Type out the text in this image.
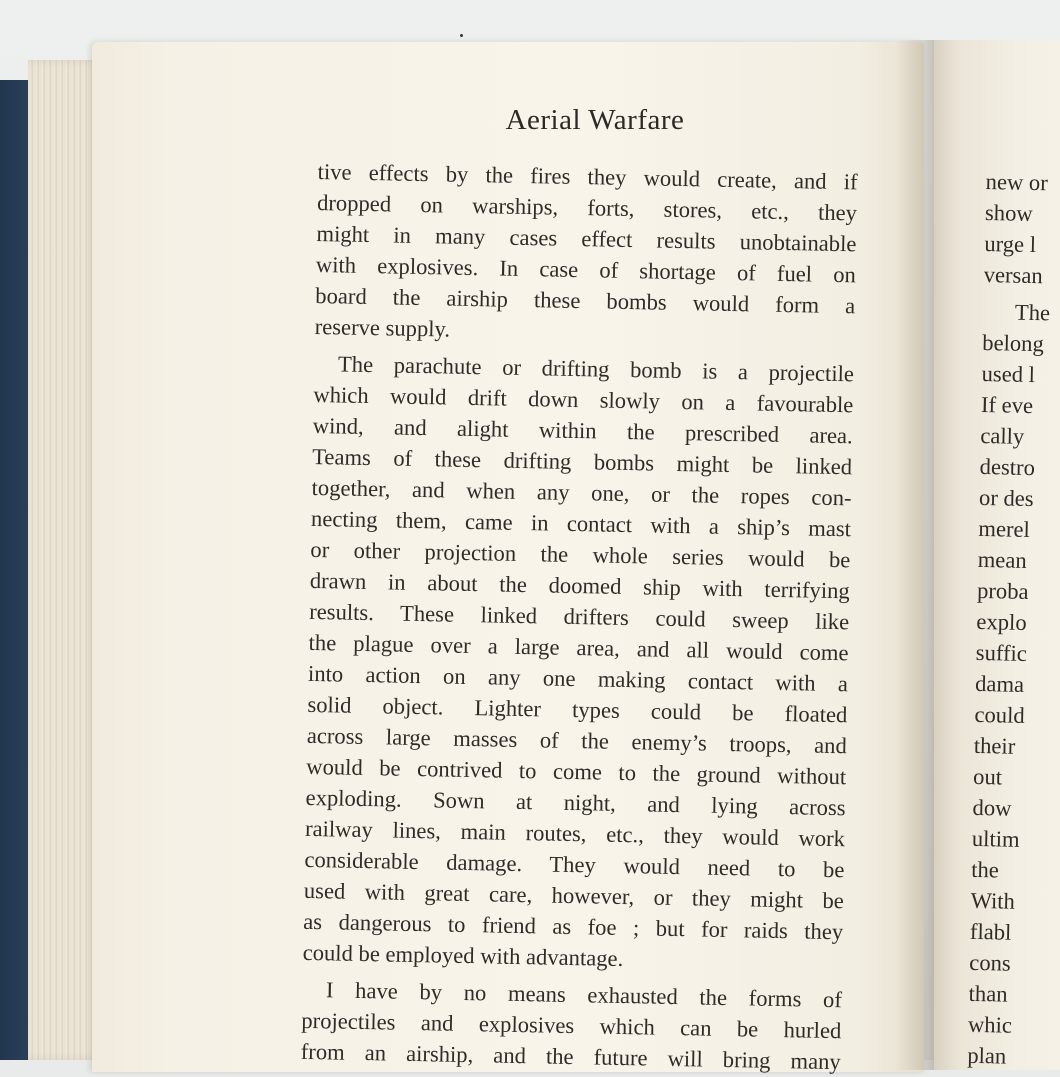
Aerial Warfare
tive effects by the fires they would create, and if
dropped on warships, forts, stores, etc., they
might in many cases effect results unobtainable
with explosives. In case of shortage of fuel on
board the airship these bombs would form a
reserve supply.
The parachute or drifting bomb is a projectile
which would drift down slowly on a favourable
wind, and alight within the prescribed area.
Teams of these drifting bombs might be linked
together, and when any one, or the ropes con-
necting them, came in contact with a ship’s mast
or other projection the whole series would be
drawn in about the doomed ship with terrifying
results. These linked drifters could sweep like
the plague over a large area, and all would come
into action on any one making contact with a
solid object. Lighter types could be floated
across large masses of the enemy’s troops, and
would be contrived to come to the ground without
exploding. Sown at night, and lying across
railway lines, main routes, etc., they would work
considerable damage. They would need to be
used with great care, however, or they might be
as dangerous to friend as foe ; but for raids they
could be employed with advantage.
I have by no means exhausted the forms of
projectiles and explosives which can be hurled
from an airship, and the future will bring many
new or
show
urge l
versan
The
belong
used l
If eve
cally
destro
or des
merel
mean
proba
explo
suffic
dama
could
their
out
dow
ultim
the
With
flabl
cons
than
whic
plan
